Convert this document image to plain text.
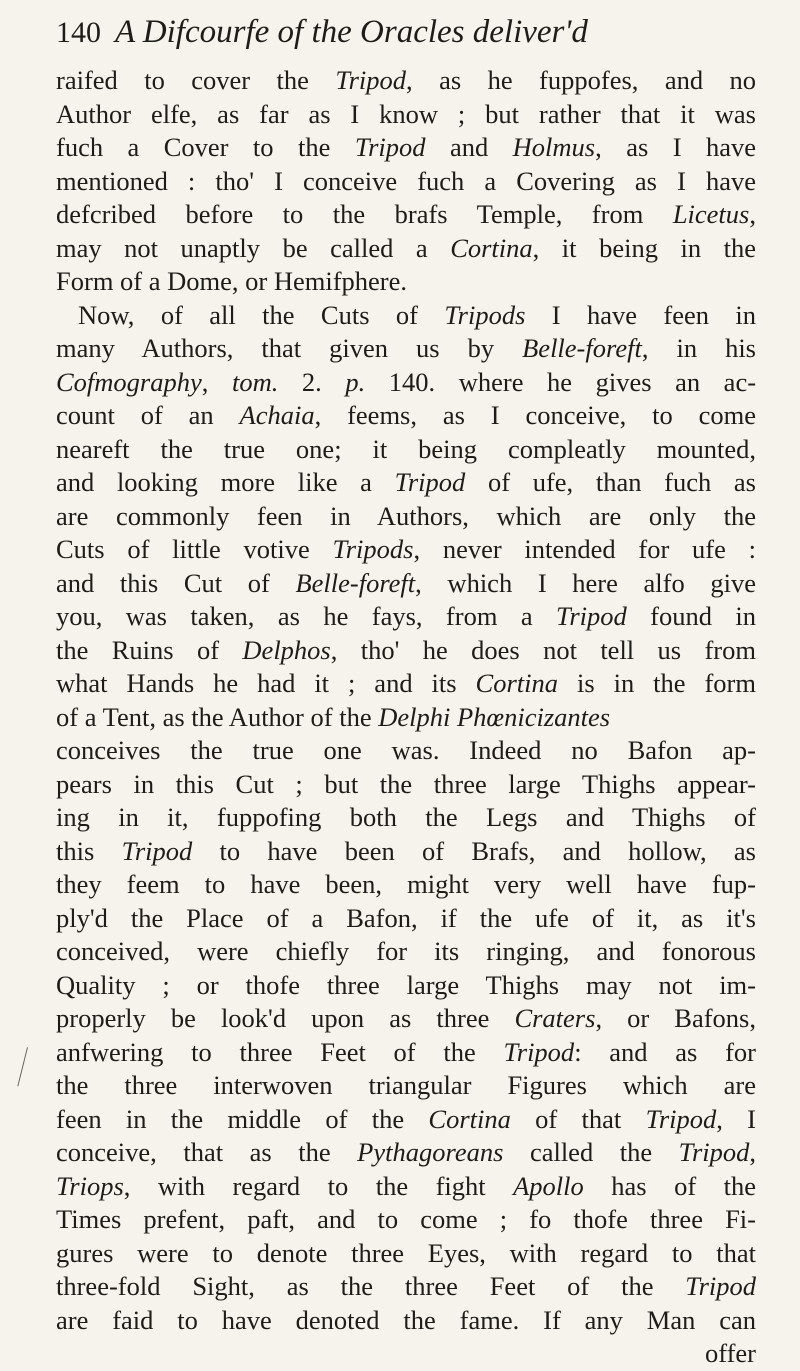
140 A Difcourfe of the Oracles deliver'd
raifed to cover the Tripod, as he fuppofes, and no
Author elfe, as far as I know ; but rather that it was
fuch a Cover to the Tripod and Holmus, as I have
mentioned : tho' I conceive fuch a Covering as I have
defcribed before to the brafs Temple, from Licetus,
may not unaptly be called a Cortina, it being in the
Form of a Dome, or Hemifphere.
Now, of all the Cuts of Tripods I have feen in
many Authors, that given us by Belle-foreft, in his
Cofmography, tom. 2. p. 140. where he gives an ac-
count of an Achaia, feems, as I conceive, to come
neareft the true one; it being compleatly mounted,
and looking more like a Tripod of ufe, than fuch as
are commonly feen in Authors, which are only the
Cuts of little votive Tripods, never intended for ufe :
and this Cut of Belle-foreft, which I here alfo give
you, was taken, as he fays, from a Tripod found in
the Ruins of Delphos, tho' he does not tell us from
what Hands he had it ; and its Cortina is in the form
of a Tent, as the Author of the Delphi Phœnicizantes
conceives the true one was. Indeed no Bafon ap-
pears in this Cut ; but the three large Thighs appear-
ing in it, fuppofing both the Legs and Thighs of
this Tripod to have been of Brafs, and hollow, as
they feem to have been, might very well have fup-
ply'd the Place of a Bafon, if the ufe of it, as it's
conceived, were chiefly for its ringing, and fonorous
Quality ; or thofe three large Thighs may not im-
properly be look'd upon as three Craters, or Bafons,
anfwering to three Feet of the Tripod: and as for
the three interwoven triangular Figures which are
feen in the middle of the Cortina of that Tripod, I
conceive, that as the Pythagoreans called the Tripod,
Triops, with regard to the fight Apollo has of the
Times prefent, paft, and to come ; fo thofe three Fi-
gures were to denote three Eyes, with regard to that
three-fold Sight, as the three Feet of the Tripod
are faid to have denoted the fame. If any Man can
offer
